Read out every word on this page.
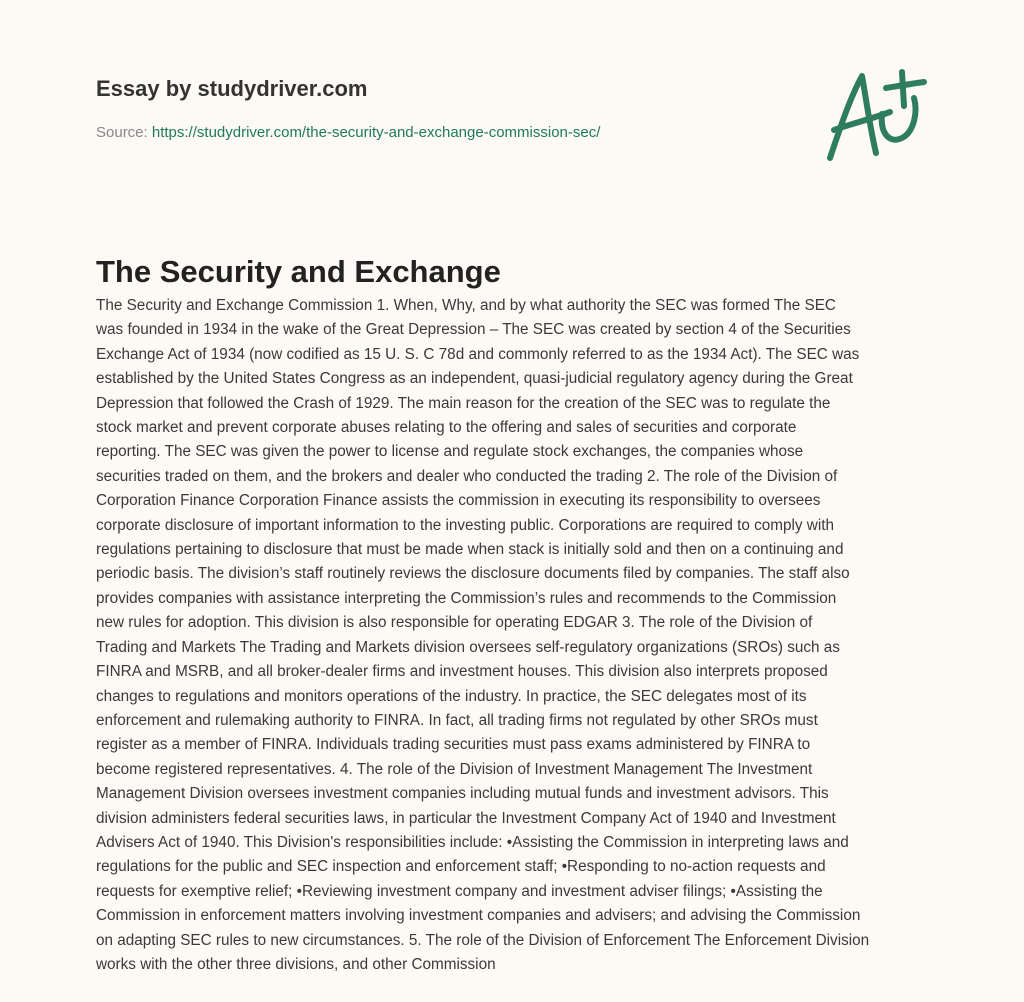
Essay by studydriver.com
Source: https://studydriver.com/the-security-and-exchange-commission-sec/
The Security and Exchange
The Security and Exchange Commission 1. When, Why, and by what authority the SEC was formed The SEC
was founded in 1934 in the wake of the Great Depression – The SEC was created by section 4 of the Securities
Exchange Act of 1934 (now codified as 15 U. S. C 78d and commonly referred to as the 1934 Act). The SEC was
established by the United States Congress as an independent, quasi-judicial regulatory agency during the Great
Depression that followed the Crash of 1929. The main reason for the creation of the SEC was to regulate the
stock market and prevent corporate abuses relating to the offering and sales of securities and corporate
reporting. The SEC was given the power to license and regulate stock exchanges, the companies whose
securities traded on them, and the brokers and dealer who conducted the trading 2. The role of the Division of
Corporation Finance Corporation Finance assists the commission in executing its responsibility to oversees
corporate disclosure of important information to the investing public. Corporations are required to comply with
regulations pertaining to disclosure that must be made when stack is initially sold and then on a continuing and
periodic basis. The division’s staff routinely reviews the disclosure documents filed by companies. The staff also
provides companies with assistance interpreting the Commission’s rules and recommends to the Commission
new rules for adoption. This division is also responsible for operating EDGAR 3. The role of the Division of
Trading and Markets The Trading and Markets division oversees self-regulatory organizations (SROs) such as
FINRA and MSRB, and all broker-dealer firms and investment houses. This division also interprets proposed
changes to regulations and monitors operations of the industry. In practice, the SEC delegates most of its
enforcement and rulemaking authority to FINRA. In fact, all trading firms not regulated by other SROs must
register as a member of FINRA. Individuals trading securities must pass exams administered by FINRA to
become registered representatives. 4. The role of the Division of Investment Management The Investment
Management Division oversees investment companies including mutual funds and investment advisors. This
division administers federal securities laws, in particular the Investment Company Act of 1940 and Investment
Advisers Act of 1940. This Division's responsibilities include: •Assisting the Commission in interpreting laws and
regulations for the public and SEC inspection and enforcement staff; •Responding to no-action requests and
requests for exemptive relief; •Reviewing investment company and investment adviser filings; •Assisting the
Commission in enforcement matters involving investment companies and advisers; and advising the Commission
on adapting SEC rules to new circumstances. 5. The role of the Division of Enforcement The Enforcement Division
works with the other three divisions, and other Commission
